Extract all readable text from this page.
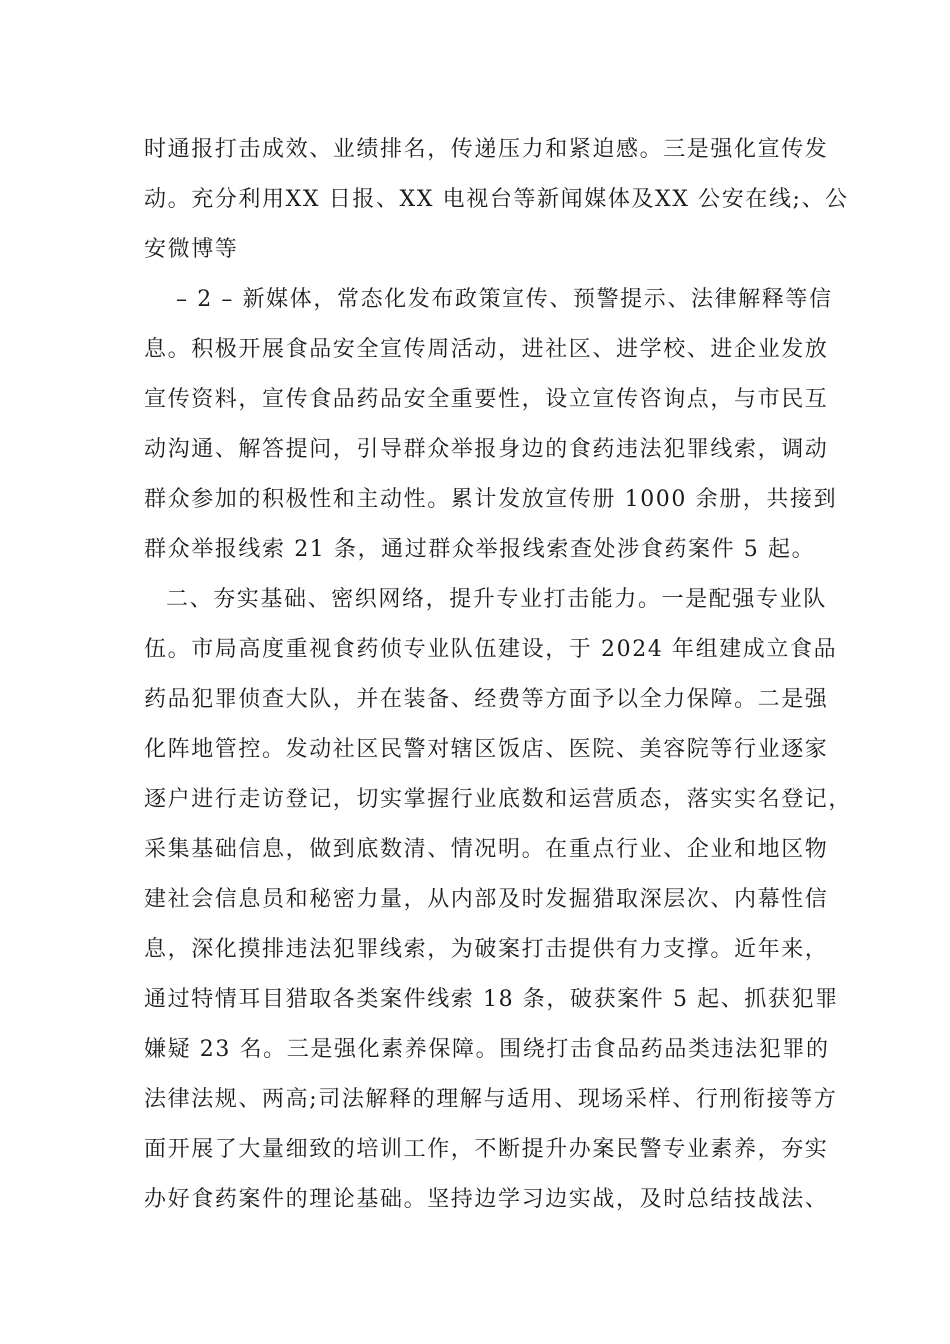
时通报打击成效、业绩排名，传递压力和紧迫感。三是强化宣传发

动。充分利用XX 日报、XX 电视台等新闻媒体及XX 公安在线;、公

安微博等

– 2 – 新媒体，常态化发布政策宣传、预警提示、法律解释等信

息。积极开展食品安全宣传周活动，进社区、进学校、进企业发放

宣传资料，宣传食品药品安全重要性，设立宣传咨询点，与市民互

动沟通、解答提问，引导群众举报身边的食药违法犯罪线索，调动

群众参加的积极性和主动性。累计发放宣传册 1000 余册，共接到

群众举报线索 21 条，通过群众举报线索查处涉食药案件 5 起。

二、夯实基础、密织网络，提升专业打击能力。一是配强专业队

伍。市局高度重视食药侦专业队伍建设，于 2024 年组建成立食品

药品犯罪侦查大队，并在装备、经费等方面予以全力保障。二是强

化阵地管控。发动社区民警对辖区饭店、医院、美容院等行业逐家

逐户进行走访登记，切实掌握行业底数和运营质态，落实实名登记，

采集基础信息，做到底数清、情况明。在重点行业、企业和地区物

建社会信息员和秘密力量，从内部及时发掘猎取深层次、内幕性信

息，深化摸排违法犯罪线索，为破案打击提供有力支撑。近年来，

通过特情耳目猎取各类案件线索 18 条，破获案件 5 起、抓获犯罪

嫌疑 23 名。三是强化素养保障。围绕打击食品药品类违法犯罪的

法律法规、两高;司法解释的理解与适用、现场采样、行刑衔接等方

面开展了大量细致的培训工作，不断提升办案民警专业素养，夯实

办好食药案件的理论基础。坚持边学习边实战，及时总结技战法、
